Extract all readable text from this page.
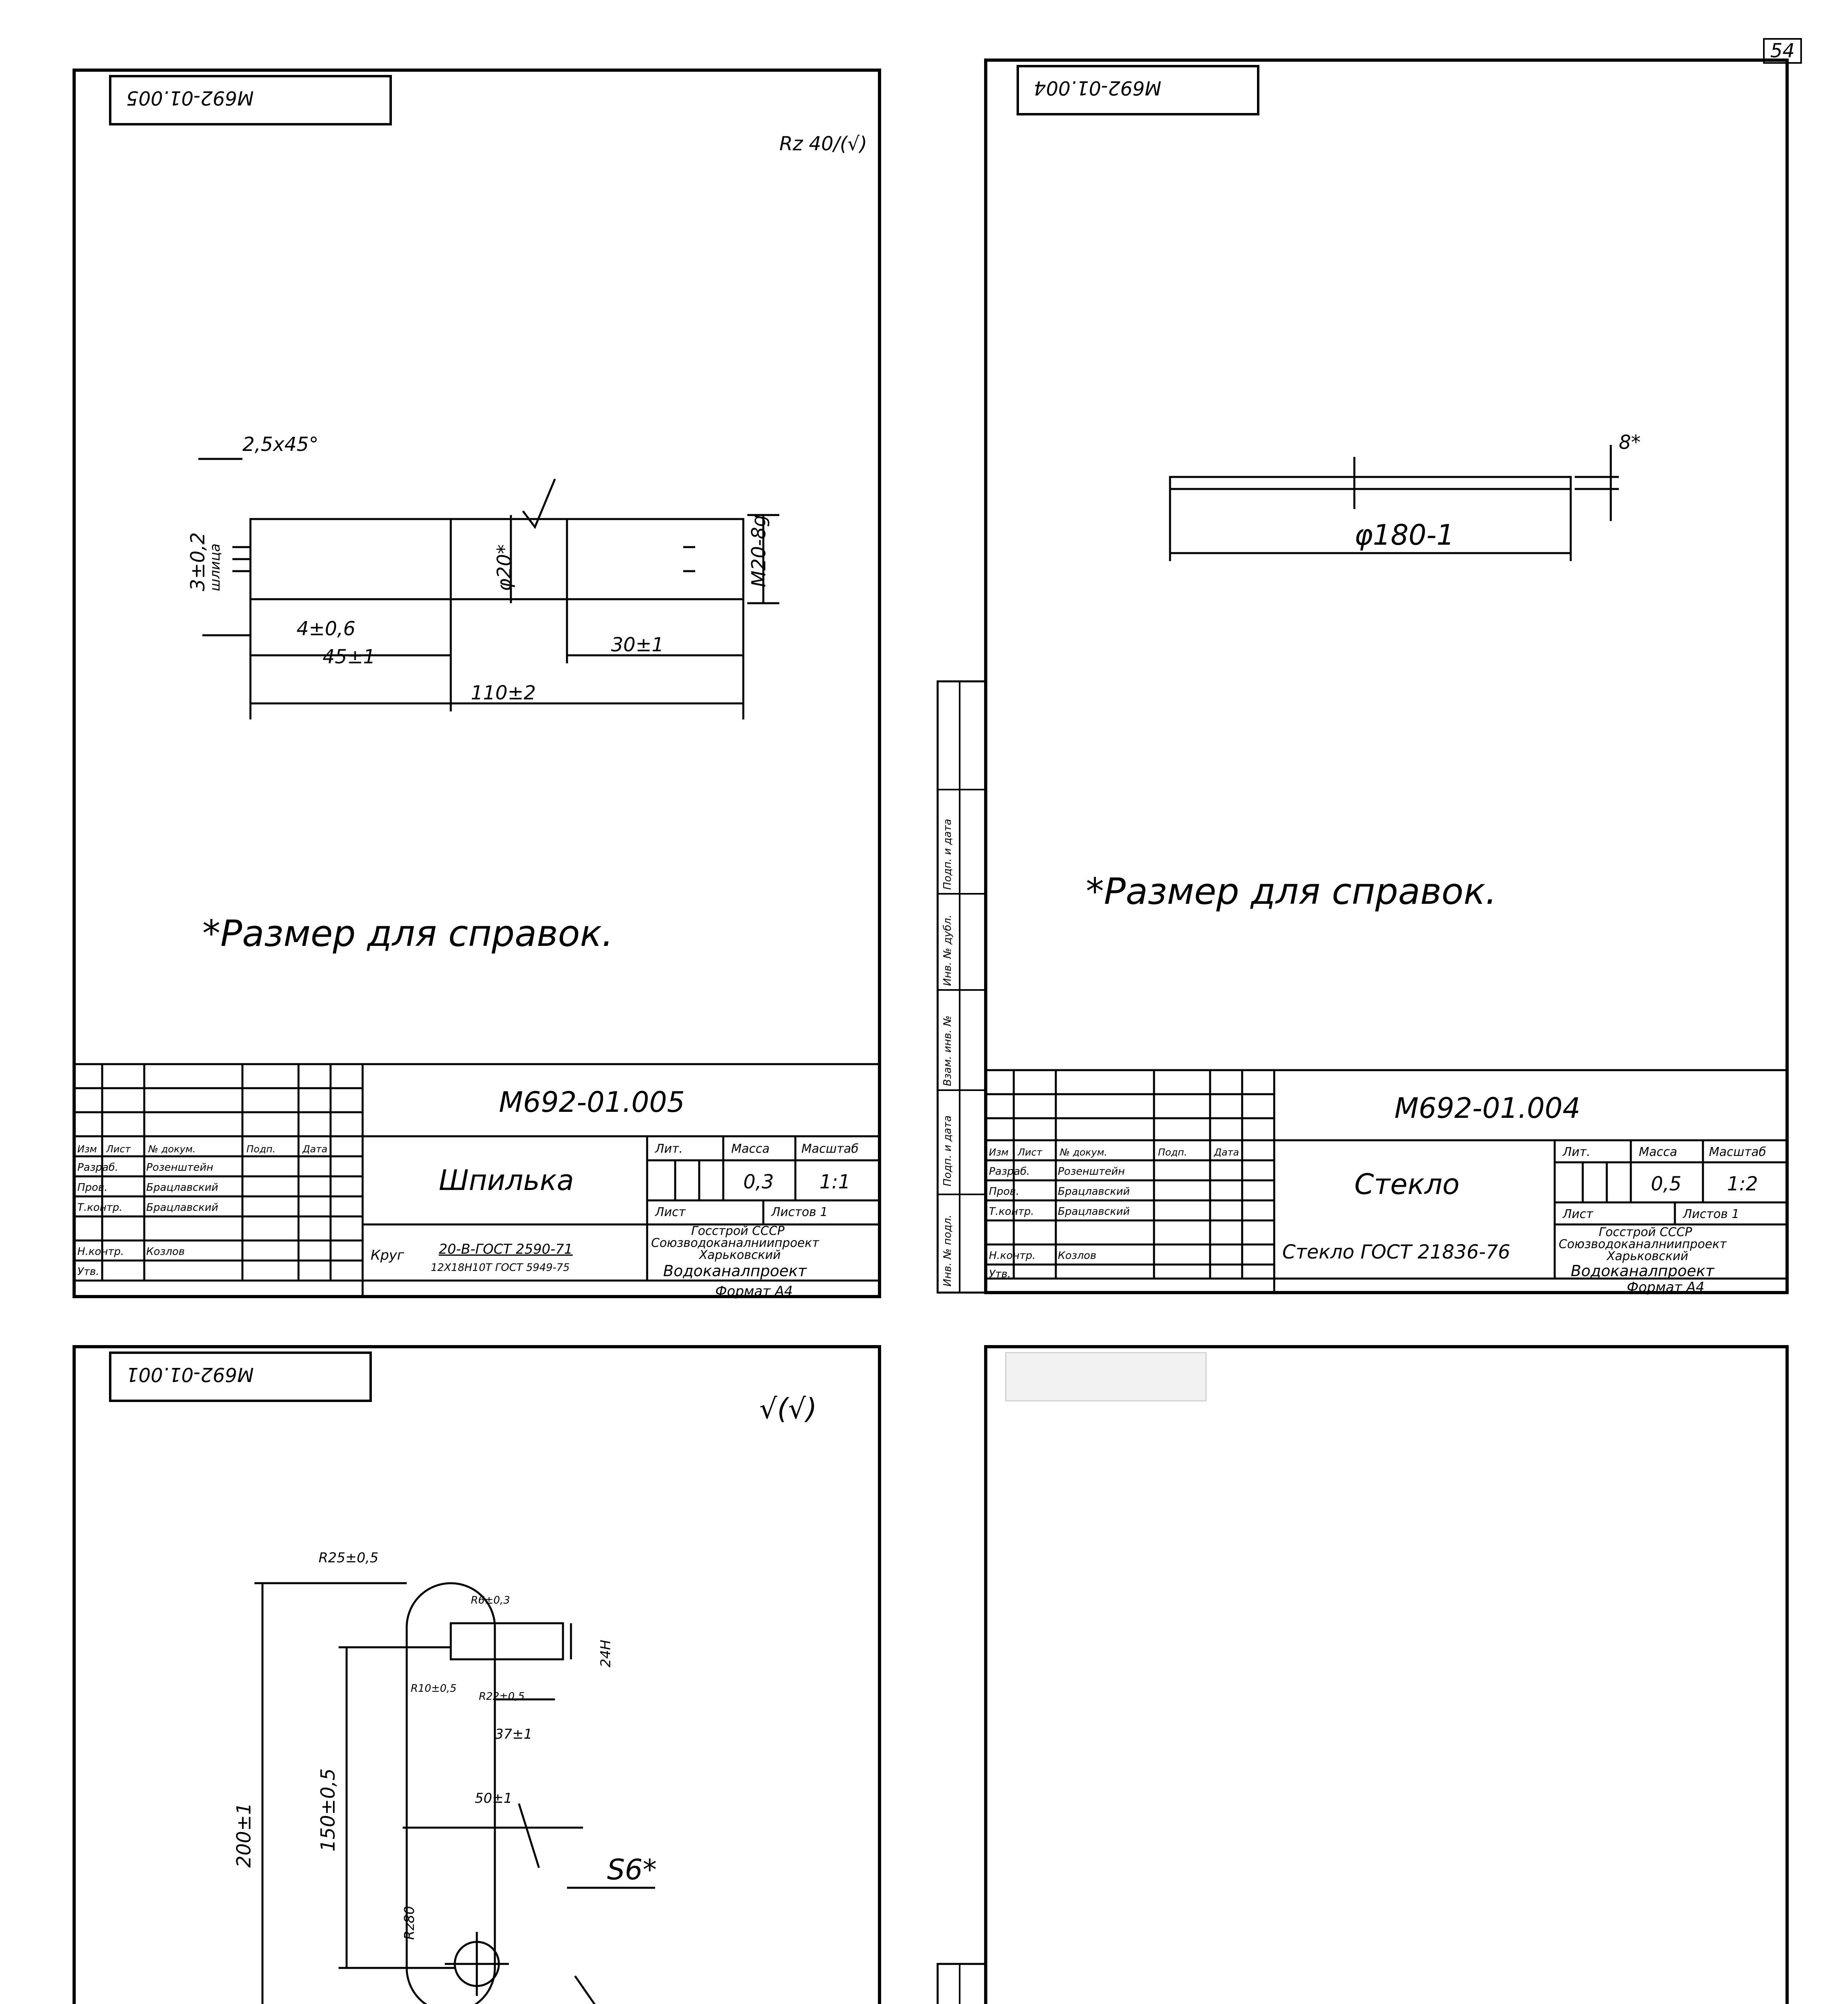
М692-01.005
Rz 40/(√)
2,5х45°
3±0,2
шлица	φ20*	М20-8g
4±0,6
45±1
30±1
110±2
*Размер для справок.
М692-01.005
Шпилька
Лит.	Масса	Масштаб
0,3 1:1
Лист	Листов 1
Госстрой СССР
Союзводоканалниипроект
Харьковский
Водоканалпроект
Круг	20-В-ГОСТ 2590-71
12Х18Н10Т ГОСТ 5949-75
Изм Лист № докум.	Подп.	Дата
Разраб.	Розенштейн
Пров.	Брацлавский
Т.контр. Брацлавский
Н.контр. Козлов
Утв.
Формат А4
М692-01.004
8*
φ180-1
*Размер для справок.
Инв. № подл.
Подп. и дата
Взам. инв. №
Инв. № дубл.
Подп. и дата
М692-01.004
Стекло
Лит.	Масса	Масштаб
0,5 1:2
Лист	Листов 1
Госстрой СССР
Союзводоканалниипроект
Харьковский
Водоканалпроект
Стекло ГОСТ 21836-76
Изм Лист № докум.	Подп.	Дата
Разраб.	Розенштейн
Пров.	Брацлавский
Т.контр. Брацлавский
Н.контр. Козлов
Утв.
Формат А4
54
М692-01.001
√(√)
R25±0,5
R6±0,3
R10±0,5
R22±0,5
24Н
37±1
50±1
150±0,5
200±1
S6*
Rz80
